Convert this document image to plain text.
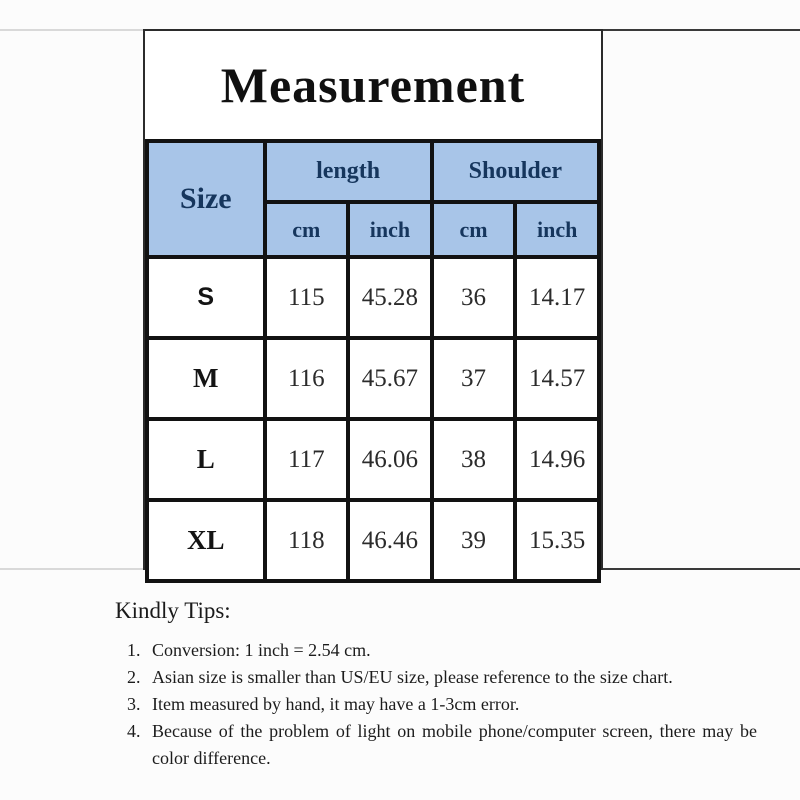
Measurement
Size	length		Shoulder	
	cm	inch	cm	inch
S	115	45.28	36	14.17
M	116	45.67	37	14.57
L	117	46.06	38	14.96
XL	118	46.46	39	15.35
Kindly Tips:
1. Conversion: 1 inch = 2.54 cm.
2. Asian size is smaller than US/EU size, please reference to the size chart.
3. Item measured by hand, it may have a 1-3cm error.
4. Because of the problem of light on mobile phone/computer screen, there may be color difference.
